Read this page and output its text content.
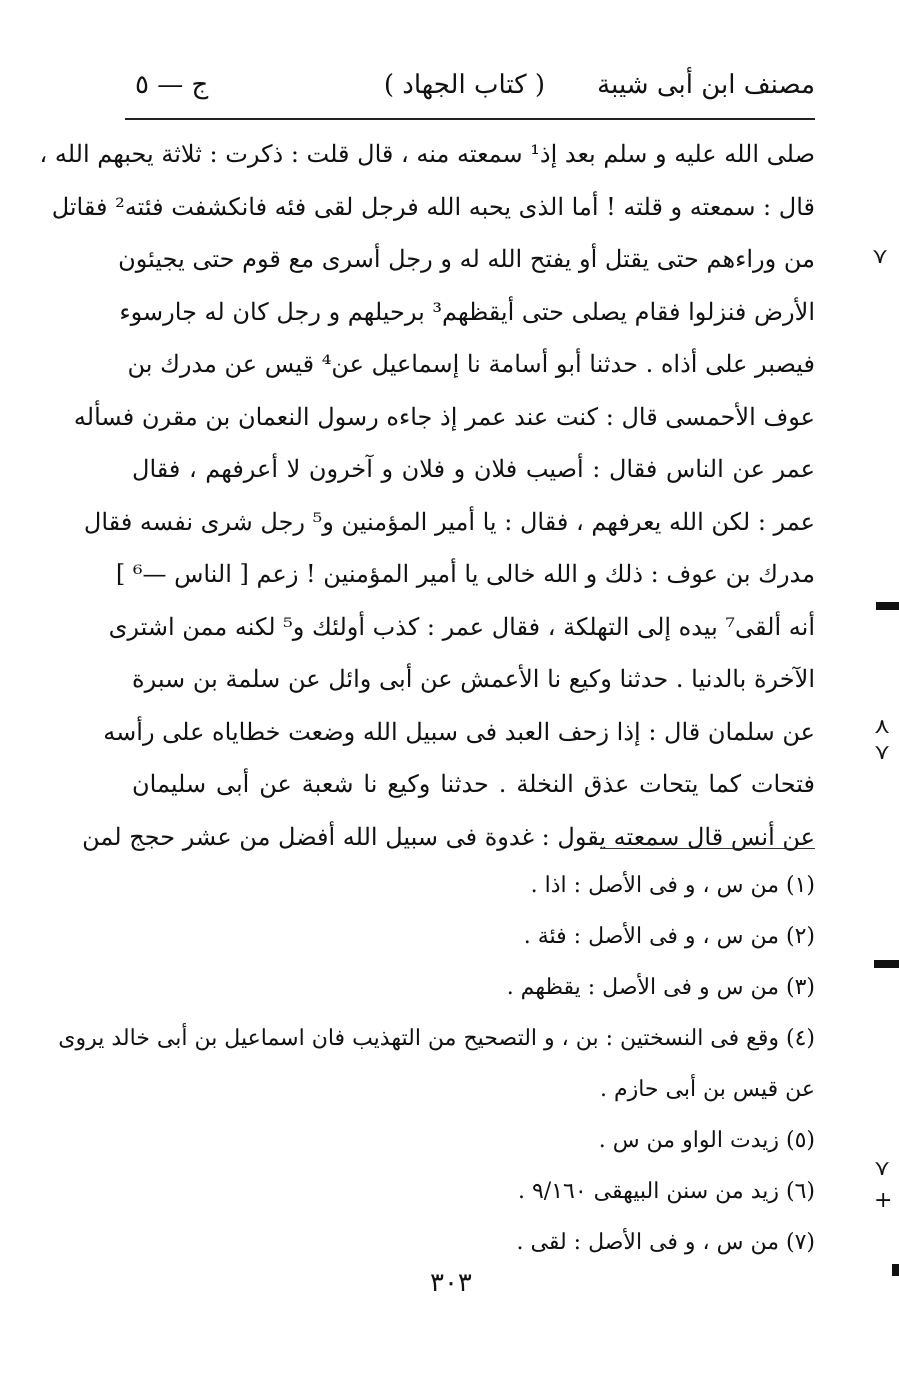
مصنف ابن أبى شيبة
( كتاب الجهاد )
ج — ٥
صلى الله عليه و سلم بعد إذ¹ سمعته منه ، قال قلت : ذكرت : ثلاثة يحبهم الله ،
قال : سمعته و قلته ! أما الذى يحبه الله فرجل لقى فئه فانكشفت فئته² فقاتل
من وراءهم حتى يقتل أو يفتح الله له و رجل أسرى مع قوم حتى يجيئون
الأرض فنزلوا فقام يصلى حتى أيقظهم³ برحيلهم و رجل كان له جارسوء
فيصبر على أذاه . حدثنا أبو أسامة نا إسماعيل عن⁴ قيس عن مدرك بن
عوف الأحمسى قال : كنت عند عمر إذ جاءه رسول النعمان بن مقرن فسأله
عمر عن الناس فقال : أصيب فلان و فلان و آخرون لا أعرفهم ، فقال
عمر : لكن الله يعرفهم ، فقال : يا أمير المؤمنين و⁵ رجل شرى نفسه فقال
مدرك بن عوف : ذلك و الله خالى يا أمير المؤمنين ! زعم [ الناس —⁶ ]
أنه ألقى⁷ بيده إلى التهلكة ، فقال عمر : كذب أولئك و⁵ لكنه ممن اشترى
الآخرة بالدنيا . حدثنا وكيع نا الأعمش عن أبى وائل عن سلمة بن سبرة
عن سلمان قال : إذا زحف العبد فى سبيل الله وضعت خطاياه على رأسه
فتحات كما يتحات عذق النخلة . حدثنا وكيع نا شعبة عن أبى سليمان
عن أنس قال سمعته يقول : غدوة فى سبيل الله أفضل من عشر حجج لمن
(١) من س ، و فى الأصل : اذا .
(٢) من س ، و فى الأصل : فئة .
(٣) من س و فى الأصل : يقظهم .
(٤) وقع فى النسختين : بن ، و التصحيح من التهذيب فان اسماعيل بن أبى خالد يروى
عن قيس بن أبى حازم .
(٥) زيدت الواو من س .
(٦) زيد من سنن البيهقى ٩/١٦٠ .
(٧) من س ، و فى الأصل : لقى .
٣٠٣
⋎
⋏
⋎
⋎
+
